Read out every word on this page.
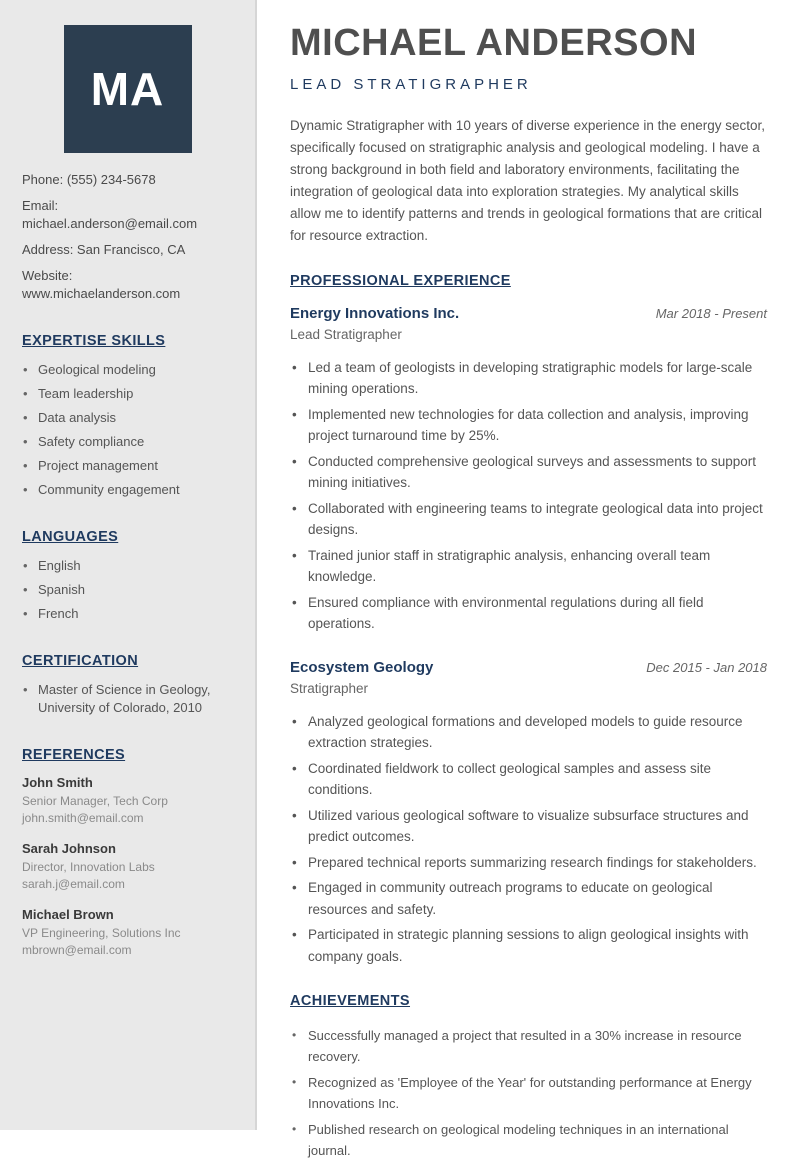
MA
Phone: (555) 234-5678
Email: michael.anderson@email.com
Address: San Francisco, CA
Website: www.michaelanderson.com
EXPERTISE SKILLS
• Geological modeling
• Team leadership
• Data analysis
• Safety compliance
• Project management
• Community engagement
LANGUAGES
• English
• Spanish
• French
CERTIFICATION
• Master of Science in Geology, University of Colorado, 2010
REFERENCES
John Smith
Senior Manager, Tech Corp
john.smith@email.com
Sarah Johnson
Director, Innovation Labs
sarah.j@email.com
Michael Brown
VP Engineering, Solutions Inc
mbrown@email.com
MICHAEL ANDERSON
LEAD STRATIGRAPHER

Dynamic Stratigrapher with 10 years of diverse experience in the energy sector, specifically focused on stratigraphic analysis and geological modeling. I have a strong background in both field and laboratory environments, facilitating the integration of geological data into exploration strategies. My analytical skills allow me to identify patterns and trends in geological formations that are critical for resource extraction.

PROFESSIONAL EXPERIENCE
Energy Innovations Inc.	Mar 2018 - Present
Lead Stratigrapher
• Led a team of geologists in developing stratigraphic models for large-scale mining operations.
• Implemented new technologies for data collection and analysis, improving project turnaround time by 25%.
• Conducted comprehensive geological surveys and assessments to support mining initiatives.
• Collaborated with engineering teams to integrate geological data into project designs.
• Trained junior staff in stratigraphic analysis, enhancing overall team knowledge.
• Ensured compliance with environmental regulations during all field operations.
Ecosystem Geology	Dec 2015 - Jan 2018
Stratigrapher
• Analyzed geological formations and developed models to guide resource extraction strategies.
• Coordinated fieldwork to collect geological samples and assess site conditions.
• Utilized various geological software to visualize subsurface structures and predict outcomes.
• Prepared technical reports summarizing research findings for stakeholders.
• Engaged in community outreach programs to educate on geological resources and safety.
• Participated in strategic planning sessions to align geological insights with company goals.
ACHIEVEMENTS
• Successfully managed a project that resulted in a 30% increase in resource recovery.
• Recognized as 'Employee of the Year' for outstanding performance at Energy Innovations Inc.
• Published research on geological modeling techniques in an international journal.
